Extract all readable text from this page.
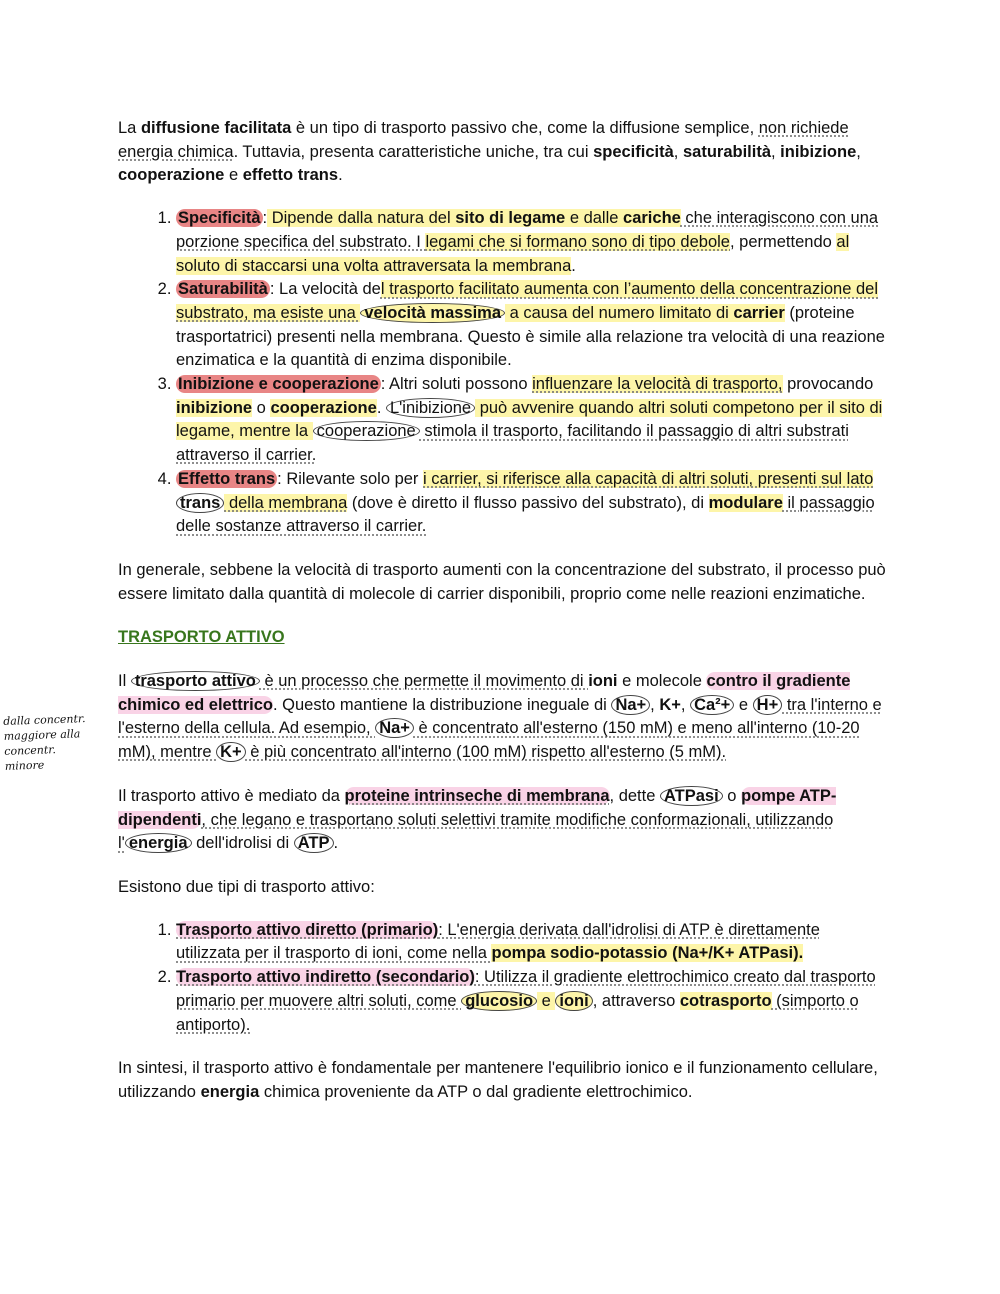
dalla concentr.
maggiore alla
concentr.
minore

La diffusione facilitata è un tipo di trasporto passivo che, come la diffusione semplice, non richiede energia chimica. Tuttavia, presenta caratteristiche uniche, tra cui specificità, saturabilità, inibizione, cooperazione e effetto trans.

1. Specificità : Dipende dalla natura del sito di legame e dalle cariche che interagiscono con una porzione specifica del substrato. I legami che si formano sono di tipo debole, permettendo al soluto di staccarsi una volta attraversata la membrana.
2. Saturabilità : La velocità del trasporto facilitato aumenta con l’aumento della concentrazione del substrato, ma esiste una velocità massima a causa del numero limitato di carrier (proteine trasportatrici) presenti nella membrana. Questo è simile alla relazione tra velocità di una reazione enzimatica e la quantità di enzima disponibile.
3. Inibizione e cooperazione : Altri soluti possono influenzare la velocità di trasporto, provocando inibizione o cooperazione. L'inibizione può avvenire quando altri soluti competono per il sito di legame, mentre la cooperazione stimola il trasporto, facilitando il passaggio di altri substrati attraverso il carrier.
4. Effetto trans : Rilevante solo per i carrier, si riferisce alla capacità di altri soluti, presenti sul lato trans della membrana (dove è diretto il flusso passivo del substrato), di modulare il passaggio delle sostanze attraverso il carrier.

In generale, sebbene la velocità di trasporto aumenti con la concentrazione del substrato, il processo può essere limitato dalla quantità di molecole di carrier disponibili, proprio come nelle reazioni enzimatiche.

TRASPORTO ATTIVO

Il trasporto attivo è un processo che permette il movimento di ioni e molecole contro il gradiente chimico ed elettrico. Questo mantiene la distribuzione ineguale di Na+ , K+, Ca²+ e H+ tra l'interno e l'esterno della cellula. Ad esempio, Na+ è concentrato all'esterno (150 mM) e meno all'interno (10-20 mM), mentre K+ è più concentrato all'interno (100 mM) rispetto all'esterno (5 mM).

Il trasporto attivo è mediato da proteine intrinseche di membrana, dette ATPasi o pompe ATP-dipendenti, che legano e trasportano soluti selettivi tramite modifiche conformazionali, utilizzando l' energia dell'idrolisi di ATP .

Esistono due tipi di trasporto attivo:

1. Trasporto attivo diretto (primario): L'energia derivata dall'idrolisi di ATP è direttamente utilizzata per il trasporto di ioni, come nella pompa sodio-potassio (Na+/K+ ATPasi).
2. Trasporto attivo indiretto (secondario): Utilizza il gradiente elettrochimico creato dal trasporto primario per muovere altri soluti, come glucosio e ioni , attraverso cotrasporto (simporto o antiporto).

In sintesi, il trasporto attivo è fondamentale per mantenere l'equilibrio ionico e il funzionamento cellulare, utilizzando energia chimica proveniente da ATP o dal gradiente elettrochimico.
